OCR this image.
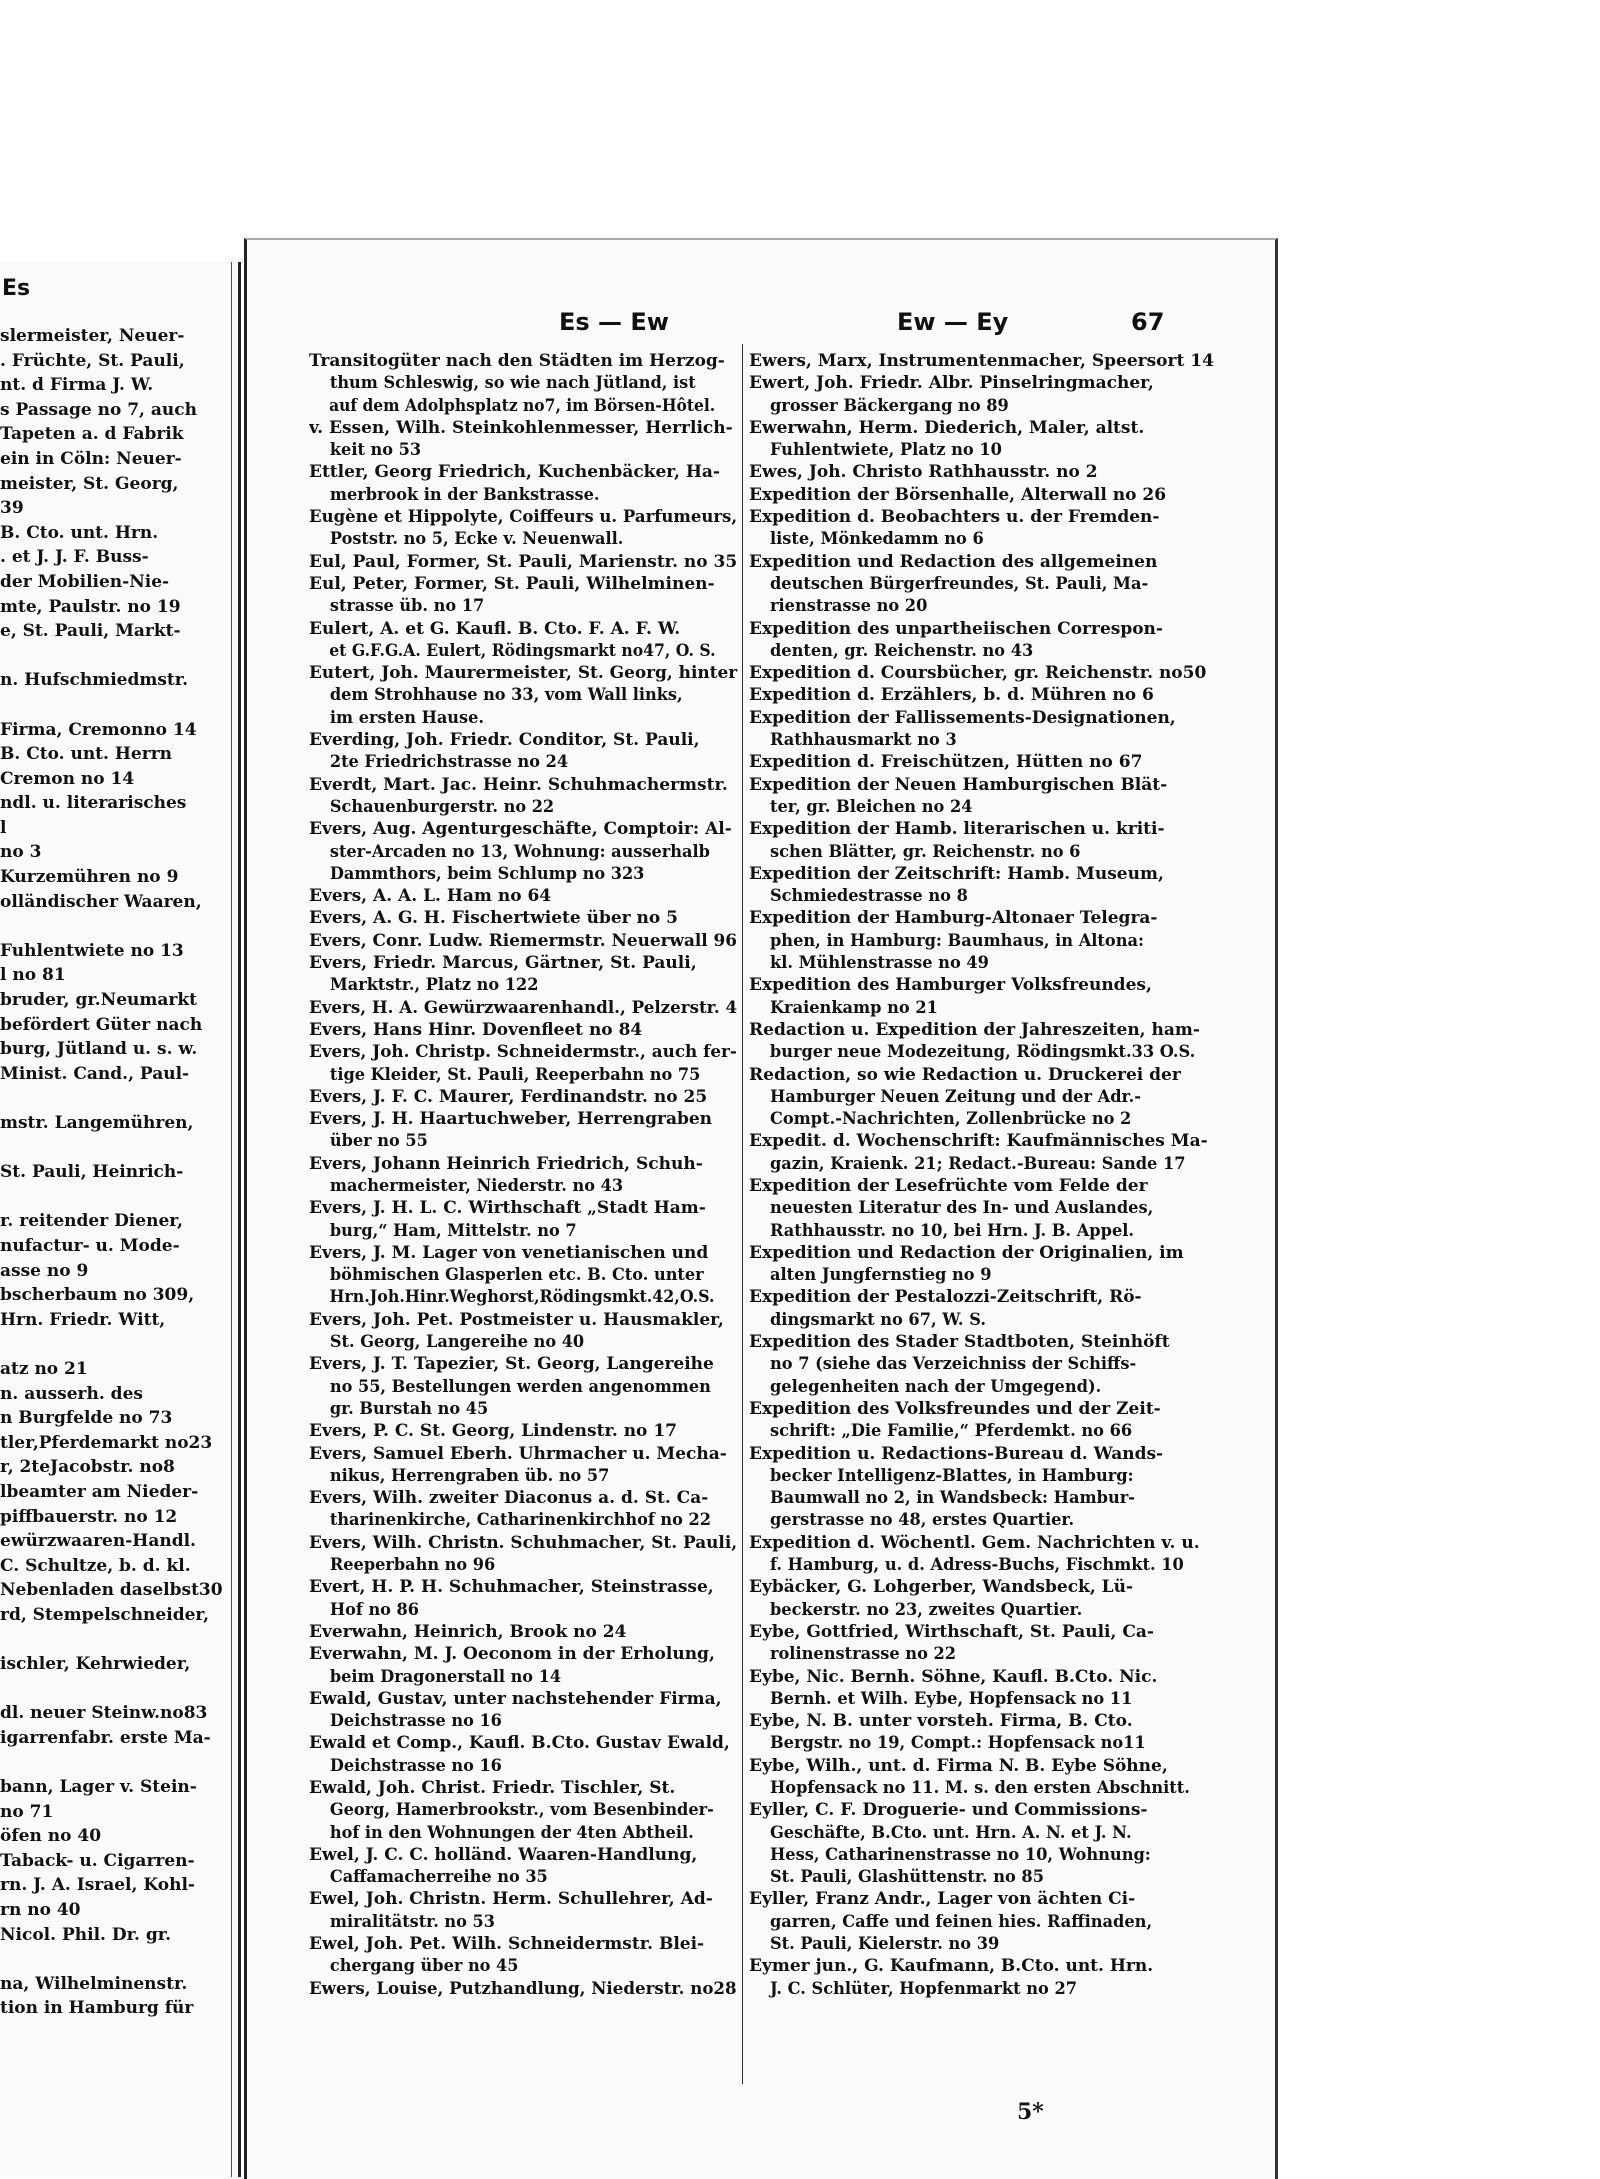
Es
slermeister, Neuer-
. Früchte, St. Pauli,
nt. d Firma J. W.
s Passage no 7, auch
Tapeten a. d Fabrik
ein in Cöln: Neuer-
meister, St. Georg,
39
B. Cto. unt. Hrn.
. et J. J. F. Buss-
der Mobilien-Nie-
mte, Paulstr. no 19
e, St. Pauli, Markt-

n. Hufschmiedmstr.

Firma, Cremonno 14
B. Cto. unt. Herrn
Cremon no 14
ndl. u. literarisches
l
no 3
Kurzemühren no 9
olländischer Waaren,

Fuhlentwiete no 13
l no 81
bruder, gr.Neumarkt
befördert Güter nach
burg, Jütland u. s. w.
Minist. Cand., Paul-

mstr. Langemühren,

St. Pauli, Heinrich-

r. reitender Diener,
nufactur- u. Mode-
asse no 9
bscherbaum no 309,
Hrn. Friedr. Witt,

atz no 21
n. ausserh. des
n Burgfelde no 73
tler,Pferdemarkt no23
r, 2teJacobstr. no8
lbeamter am Nieder-
piffbauerstr. no 12
ewürzwaaren-Handl.
C. Schultze, b. d. kl.
Nebenladen daselbst30
rd, Stempelschneider,

ischler, Kehrwieder,

dl. neuer Steinw.no83
igarrenfabr. erste Ma-

bann, Lager v. Stein-
no 71
öfen no 40
Taback- u. Cigarren-
rn. J. A. Israel, Kohl-
rn no 40
Nicol. Phil. Dr. gr.

na, Wilhelminenstr.
tion in Hamburg für
Es — Ew	Ew — Ey	67
Transitogüter nach den Städten im Herzog-
thum Schleswig, so wie nach Jütland, ist
auf dem Adolphsplatz no7, im Börsen-Hôtel.
v. Essen, Wilh. Steinkohlenmesser, Herrlich-
keit no 53
Ettler, Georg Friedrich, Kuchenbäcker, Ha-
merbrook in der Bankstrasse.
Eugène et Hippolyte, Coiffeurs u. Parfumeurs,
Poststr. no 5, Ecke v. Neuenwall.
Eul, Paul, Former, St. Pauli, Marienstr. no 35
Eul, Peter, Former, St. Pauli, Wilhelminen-
strasse üb. no 17
Eulert, A. et G. Kaufl. B. Cto. F. A. F. W.
et G.F.G.A. Eulert, Rödingsmarkt no47, O. S.
Eutert, Joh. Maurermeister, St. Georg, hinter
dem Strohhause no 33, vom Wall links,
im ersten Hause.
Everding, Joh. Friedr. Conditor, St. Pauli,
2te Friedrichstrasse no 24
Everdt, Mart. Jac. Heinr. Schuhmachermstr.
Schauenburgerstr. no 22
Evers, Aug. Agenturgeschäfte, Comptoir: Al-
ster-Arcaden no 13, Wohnung: ausserhalb
Dammthors, beim Schlump no 323
Evers, A. A. L. Ham no 64
Evers, A. G. H. Fischertwiete über no 5
Evers, Conr. Ludw. Riemermstr. Neuerwall 96
Evers, Friedr. Marcus, Gärtner, St. Pauli,
Marktstr., Platz no 122
Evers, H. A. Gewürzwaarenhandl., Pelzerstr. 4
Evers, Hans Hinr. Dovenfleet no 84
Evers, Joh. Christp. Schneidermstr., auch fer-
tige Kleider, St. Pauli, Reeperbahn no 75
Evers, J. F. C. Maurer, Ferdinandstr. no 25
Evers, J. H. Haartuchweber, Herrengraben
über no 55
Evers, Johann Heinrich Friedrich, Schuh-
machermeister, Niederstr. no 43
Evers, J. H. L. C. Wirthschaft „Stadt Ham-
burg,“ Ham, Mittelstr. no 7
Evers, J. M. Lager von venetianischen und
böhmischen Glasperlen etc. B. Cto. unter
Hrn.Joh.Hinr.Weghorst,Rödingsmkt.42,O.S.
Evers, Joh. Pet. Postmeister u. Hausmakler,
St. Georg, Langereihe no 40
Evers, J. T. Tapezier, St. Georg, Langereihe
no 55, Bestellungen werden angenommen
gr. Burstah no 45
Evers, P. C. St. Georg, Lindenstr. no 17
Evers, Samuel Eberh. Uhrmacher u. Mecha-
nikus, Herrengraben üb. no 57
Evers, Wilh. zweiter Diaconus a. d. St. Ca-
tharinenkirche, Catharinenkirchhof no 22
Evers, Wilh. Christn. Schuhmacher, St. Pauli,
Reeperbahn no 96
Evert, H. P. H. Schuhmacher, Steinstrasse,
Hof no 86
Everwahn, Heinrich, Brook no 24
Everwahn, M. J. Oeconom in der Erholung,
beim Dragonerstall no 14
Ewald, Gustav, unter nachstehender Firma,
Deichstrasse no 16
Ewald et Comp., Kaufl. B.Cto. Gustav Ewald,
Deichstrasse no 16
Ewald, Joh. Christ. Friedr. Tischler, St.
Georg, Hamerbrookstr., vom Besenbinder-
hof in den Wohnungen der 4ten Abtheil.
Ewel, J. C. C. holländ. Waaren-Handlung,
Caffamacherreihe no 35
Ewel, Joh. Christn. Herm. Schullehrer, Ad-
miralitätstr. no 53
Ewel, Joh. Pet. Wilh. Schneidermstr. Blei-
chergang über no 45
Ewers, Louise, Putzhandlung, Niederstr. no28
Ewers, Marx, Instrumentenmacher, Speersort 14
Ewert, Joh. Friedr. Albr. Pinselringmacher,
grosser Bäckergang no 89
Ewerwahn, Herm. Diederich, Maler, altst.
Fuhlentwiete, Platz no 10
Ewes, Joh. Christo Rathhausstr. no 2
Expedition der Börsenhalle, Alterwall no 26
Expedition d. Beobachters u. der Fremden-
liste, Mönkedamm no 6
Expedition und Redaction des allgemeinen
deutschen Bürgerfreundes, St. Pauli, Ma-
rienstrasse no 20
Expedition des unpartheiischen Correspon-
denten, gr. Reichenstr. no 43
Expedition d. Coursbücher, gr. Reichenstr. no50
Expedition d. Erzählers, b. d. Mühren no 6
Expedition der Fallissements-Designationen,
Rathhausmarkt no 3
Expedition d. Freischützen, Hütten no 67
Expedition der Neuen Hamburgischen Blät-
ter, gr. Bleichen no 24
Expedition der Hamb. literarischen u. kriti-
schen Blätter, gr. Reichenstr. no 6
Expedition der Zeitschrift: Hamb. Museum,
Schmiedestrasse no 8
Expedition der Hamburg-Altonaer Telegra-
phen, in Hamburg: Baumhaus, in Altona:
kl. Mühlenstrasse no 49
Expedition des Hamburger Volksfreundes,
Kraienkamp no 21
Redaction u. Expedition der Jahreszeiten, ham-
burger neue Modezeitung, Rödingsmkt.33 O.S.
Redaction, so wie Redaction u. Druckerei der
Hamburger Neuen Zeitung und der Adr.-
Compt.-Nachrichten, Zollenbrücke no 2
Expedit. d. Wochenschrift: Kaufmännisches Ma-
gazin, Kraienk. 21; Redact.-Bureau: Sande 17
Expedition der Lesefrüchte vom Felde der
neuesten Literatur des In- und Auslandes,
Rathhausstr. no 10, bei Hrn. J. B. Appel.
Expedition und Redaction der Originalien, im
alten Jungfernstieg no 9
Expedition der Pestalozzi-Zeitschrift, Rö-
dingsmarkt no 67, W. S.
Expedition des Stader Stadtboten, Steinhöft
no 7 (siehe das Verzeichniss der Schiffs-
gelegenheiten nach der Umgegend).
Expedition des Volksfreundes und der Zeit-
schrift: „Die Familie,“ Pferdemkt. no 66
Expedition u. Redactions-Bureau d. Wands-
becker Intelligenz-Blattes, in Hamburg:
Baumwall no 2, in Wandsbeck: Hambur-
gerstrasse no 48, erstes Quartier.
Expedition d. Wöchentl. Gem. Nachrichten v. u.
f. Hamburg, u. d. Adress-Buchs, Fischmkt. 10
Eybäcker, G. Lohgerber, Wandsbeck, Lü-
beckerstr. no 23, zweites Quartier.
Eybe, Gottfried, Wirthschaft, St. Pauli, Ca-
rolinenstrasse no 22
Eybe, Nic. Bernh. Söhne, Kaufl. B.Cto. Nic.
Bernh. et Wilh. Eybe, Hopfensack no 11
Eybe, N. B. unter vorsteh. Firma, B. Cto.
Bergstr. no 19, Compt.: Hopfensack no11
Eybe, Wilh., unt. d. Firma N. B. Eybe Söhne,
Hopfensack no 11. M. s. den ersten Abschnitt.
Eyller, C. F. Droguerie- und Commissions-
Geschäfte, B.Cto. unt. Hrn. A. N. et J. N.
Hess, Catharinenstrasse no 10, Wohnung:
St. Pauli, Glashüttenstr. no 85
Eyller, Franz Andr., Lager von ächten Ci-
garren, Caffe und feinen hies. Raffinaden,
St. Pauli, Kielerstr. no 39
Eymer jun., G. Kaufmann, B.Cto. unt. Hrn.
J. C. Schlüter, Hopfenmarkt no 27
5*
